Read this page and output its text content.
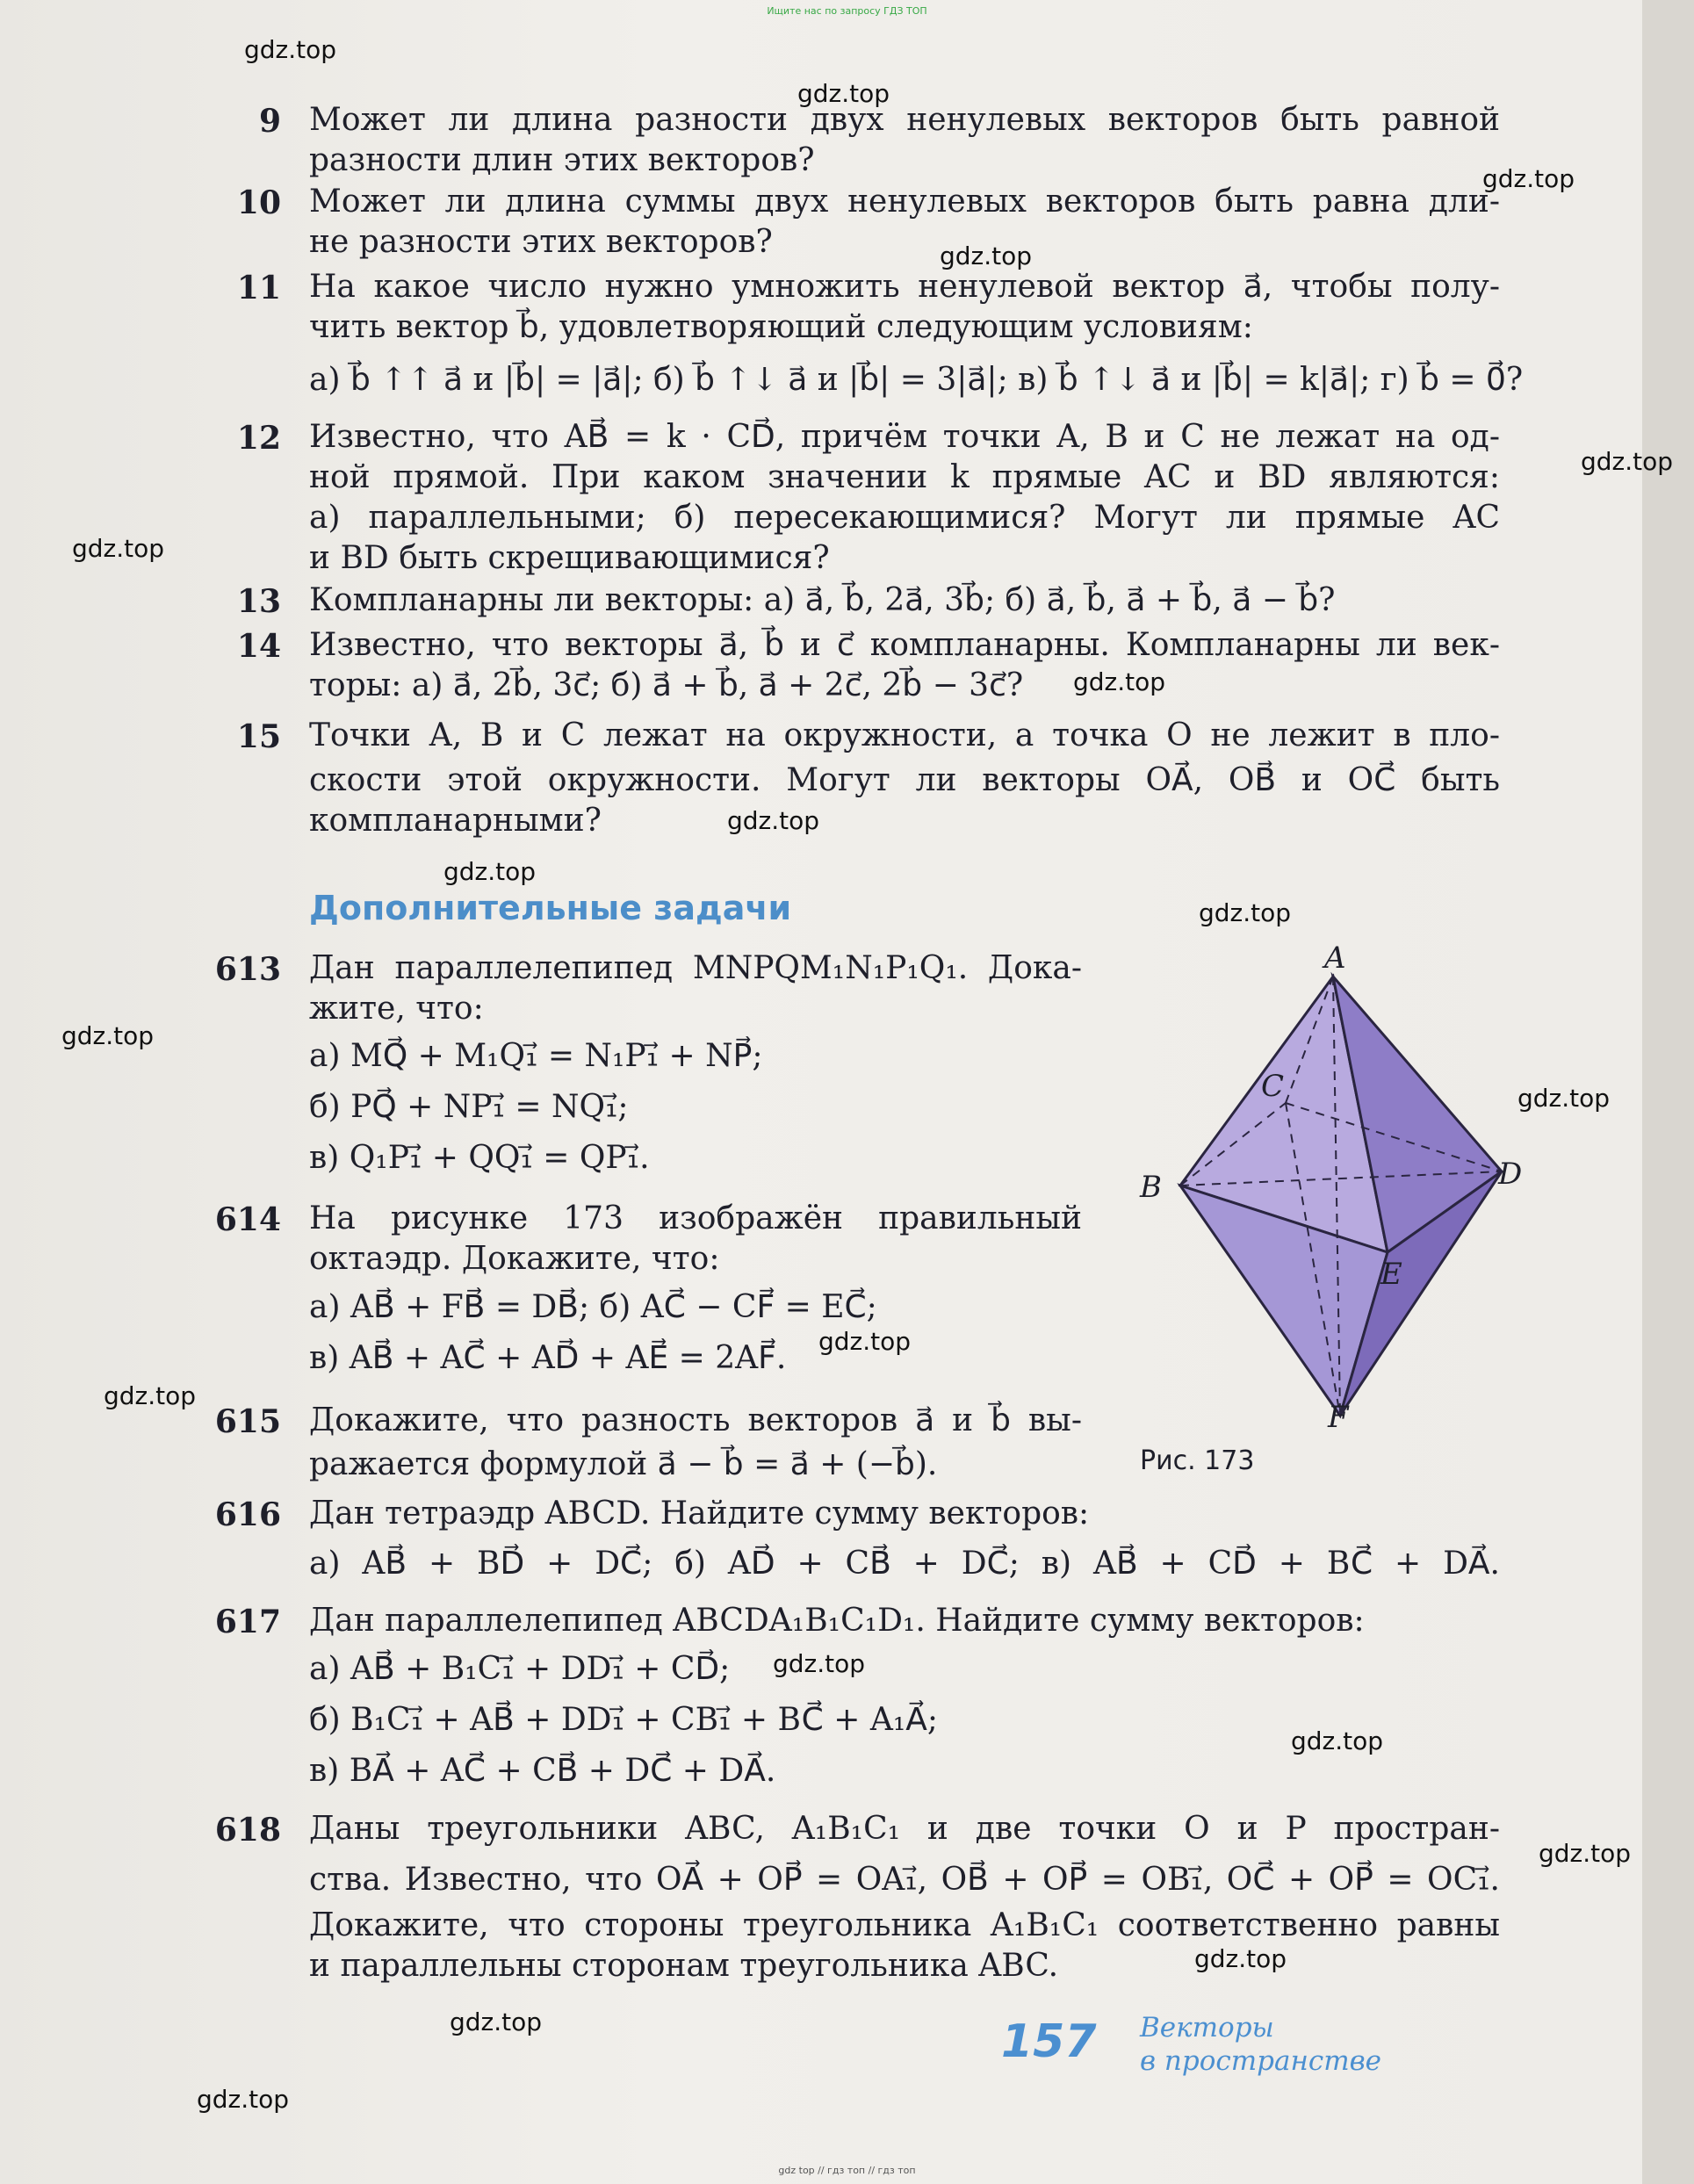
Ищите нас по запросу ГДЗ ТОП
9 Может ли длина разности двух ненулевых векторов быть равной
разности длин этих векторов?
10 Может ли длина суммы двух ненулевых векторов быть равна дли-
не разности этих векторов?
11 На какое число нужно умножить ненулевой вектор a⃗, чтобы полу-
чить вектор b⃗, удовлетворяющий следующим условиям:
а) b⃗ ↑↑ a⃗ и |b⃗| = |a⃗|; б) b⃗ ↑↓ a⃗ и |b⃗| = 3|a⃗|; в) b⃗ ↑↓ a⃗ и |b⃗| = k|a⃗|; г) b⃗ = 0⃗?
12 Известно, что AB⃗ = k · CD⃗, причём точки A, B и C не лежат на од-
ной прямой. При каком значении k прямые AC и BD являются:
а) параллельными; б) пересекающимися? Могут ли прямые AC
и BD быть скрещивающимися?
13 Компланарны ли векторы: а) a⃗, b⃗, 2a⃗, 3b⃗; б) a⃗, b⃗, a⃗ + b⃗, a⃗ − b⃗?
14 Известно, что векторы a⃗, b⃗ и c⃗ компланарны. Компланарны ли век-
торы: а) a⃗, 2b⃗, 3c⃗; б) a⃗ + b⃗, a⃗ + 2c⃗, 2b⃗ − 3c⃗?
15 Точки A, B и C лежат на окружности, а точка O не лежит в пло-
скости этой окружности. Могут ли векторы OA⃗, OB⃗ и OC⃗ быть
компланарными?
Дополнительные задачи
613 Дан параллелепипед MNPQM₁N₁P₁Q₁. Дока-
жите, что:
а) MQ⃗ + M₁Q₁⃗ = N₁P₁⃗ + NP⃗;
б) PQ⃗ + NP₁⃗ = NQ₁⃗;
в) Q₁P₁⃗ + QQ₁⃗ = QP₁⃗.
614 На рисунке 173 изображён правильный
октаэдр. Докажите, что:
а) AB⃗ + FB⃗ = DB⃗; б) AC⃗ − CF⃗ = EC⃗;
в) AB⃗ + AC⃗ + AD⃗ + AE⃗ = 2AF⃗.
615 Докажите, что разность векторов a⃗ и b⃗ вы-
ражается формулой a⃗ − b⃗ = a⃗ + (−b⃗).
616 Дан тетраэдр ABCD. Найдите сумму векторов:
а) AB⃗ + BD⃗ + DC⃗; б) AD⃗ + CB⃗ + DC⃗; в) AB⃗ + CD⃗ + BC⃗ + DA⃗.
617 Дан параллелепипед ABCDA₁B₁C₁D₁. Найдите сумму векторов:
а) AB⃗ + B₁C₁⃗ + DD₁⃗ + CD⃗;
б) B₁C₁⃗ + AB⃗ + DD₁⃗ + CB₁⃗ + BC⃗ + A₁A⃗;
в) BA⃗ + AC⃗ + CB⃗ + DC⃗ + DA⃗.
618 Даны треугольники ABC, A₁B₁C₁ и две точки O и P простран-
ства. Известно, что OA⃗ + OP⃗ = OA₁⃗, OB⃗ + OP⃗ = OB₁⃗, OC⃗ + OP⃗ = OC₁⃗.
Докажите, что стороны треугольника A₁B₁C₁ соответственно равны
и параллельны сторонам треугольника ABC.
A
B
C
D
E
F
Рис. 173
157 Векторы
в пространстве
gdz.top
gdz.top
gdz.top
gdz.top
gdz.top
gdz.top
gdz.top
gdz.top
gdz.top
gdz.top
gdz.top
gdz.top
gdz.top
gdz.top
gdz.top
gdz.top
gdz.top
gdz.top
gdz.top
gdz.top
gdz top // гдз топ // гдз топ
